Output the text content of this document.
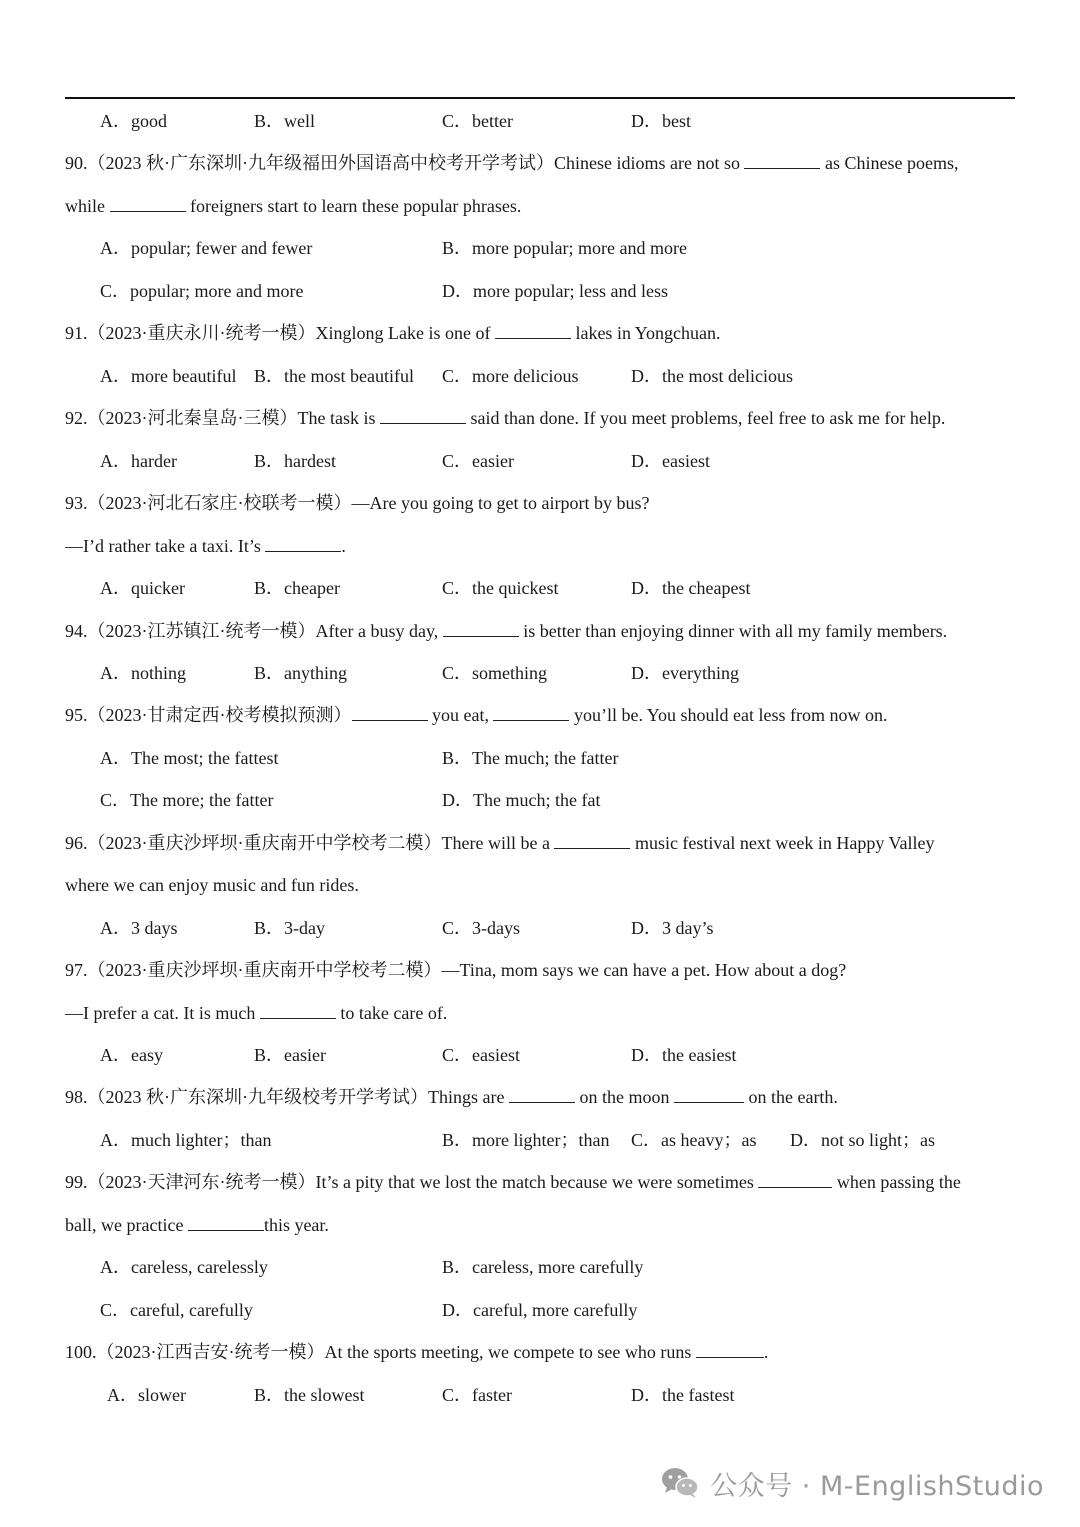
A．good	B．well	C．better	D．best
90.（2023 秋·广东深圳·九年级福田外国语高中校考开学考试）Chinese idioms are not so	as Chinese poems,
while	foreigners start to learn these popular phrases.
A．popular; fewer and fewer	B．more popular; more and more
C．popular; more and more	D．more popular; less and less
91.（2023·重庆永川·统考一模）Xinglong Lake is one of	lakes in Yongchuan.
A．more beautiful B．the most beautiful C．more delicious	D．the most delicious
92.（2023·河北秦皇岛·三模）The task is	said than done. If you meet problems, feel free to ask me for help.
A．harder	B．hardest	C．easier	D．easiest
93.（2023·河北石家庄·校联考一模）—Are you going to get to airport by bus?
—I’d rather take a taxi. It’s	.
A．quicker	B．cheaper	C．the quickest	D．the cheapest
94.（2023·江苏镇江·统考一模）After a busy day,	is better than enjoying dinner with all my family members.
A．nothing	B．anything	C．something	D．everything
95.（2023·甘肃定西·校考模拟预测）	you eat,	you’ll be. You should eat less from now on.
A．The most; the fattest	B．The much; the fatter
C．The more; the fatter	D．The much; the fat
96.（2023·重庆沙坪坝·重庆南开中学校考二模）There will be a	music festival next week in Happy Valley
where we can enjoy music and fun rides.
A．3 days	B．3-day	C．3-days	D．3 day’s
97.（2023·重庆沙坪坝·重庆南开中学校考二模）—Tina, mom says we can have a pet. How about a dog?
—I prefer a cat. It is much	to take care of.
A．easy	B．easier	C．easiest	D．the easiest
98.（2023 秋·广东深圳·九年级校考开学考试）Things are	on the moon	on the earth.
A．much lighter；than	B．more lighter；than C．as heavy；as D．not so light；as
99.（2023·天津河东·统考一模）It’s a pity that we lost the match because we were sometimes	when passing the
ball, we practice	this year.
A．careless, carelessly	B．careless, more carefully
C．careful, carefully	D．careful, more carefully
100.（2023·江西吉安·统考一模）At the sports meeting, we compete to see who runs	.
A．slower	B．the slowest	C．faster	D．the fastest
公众号 · M-EnglishStudio
